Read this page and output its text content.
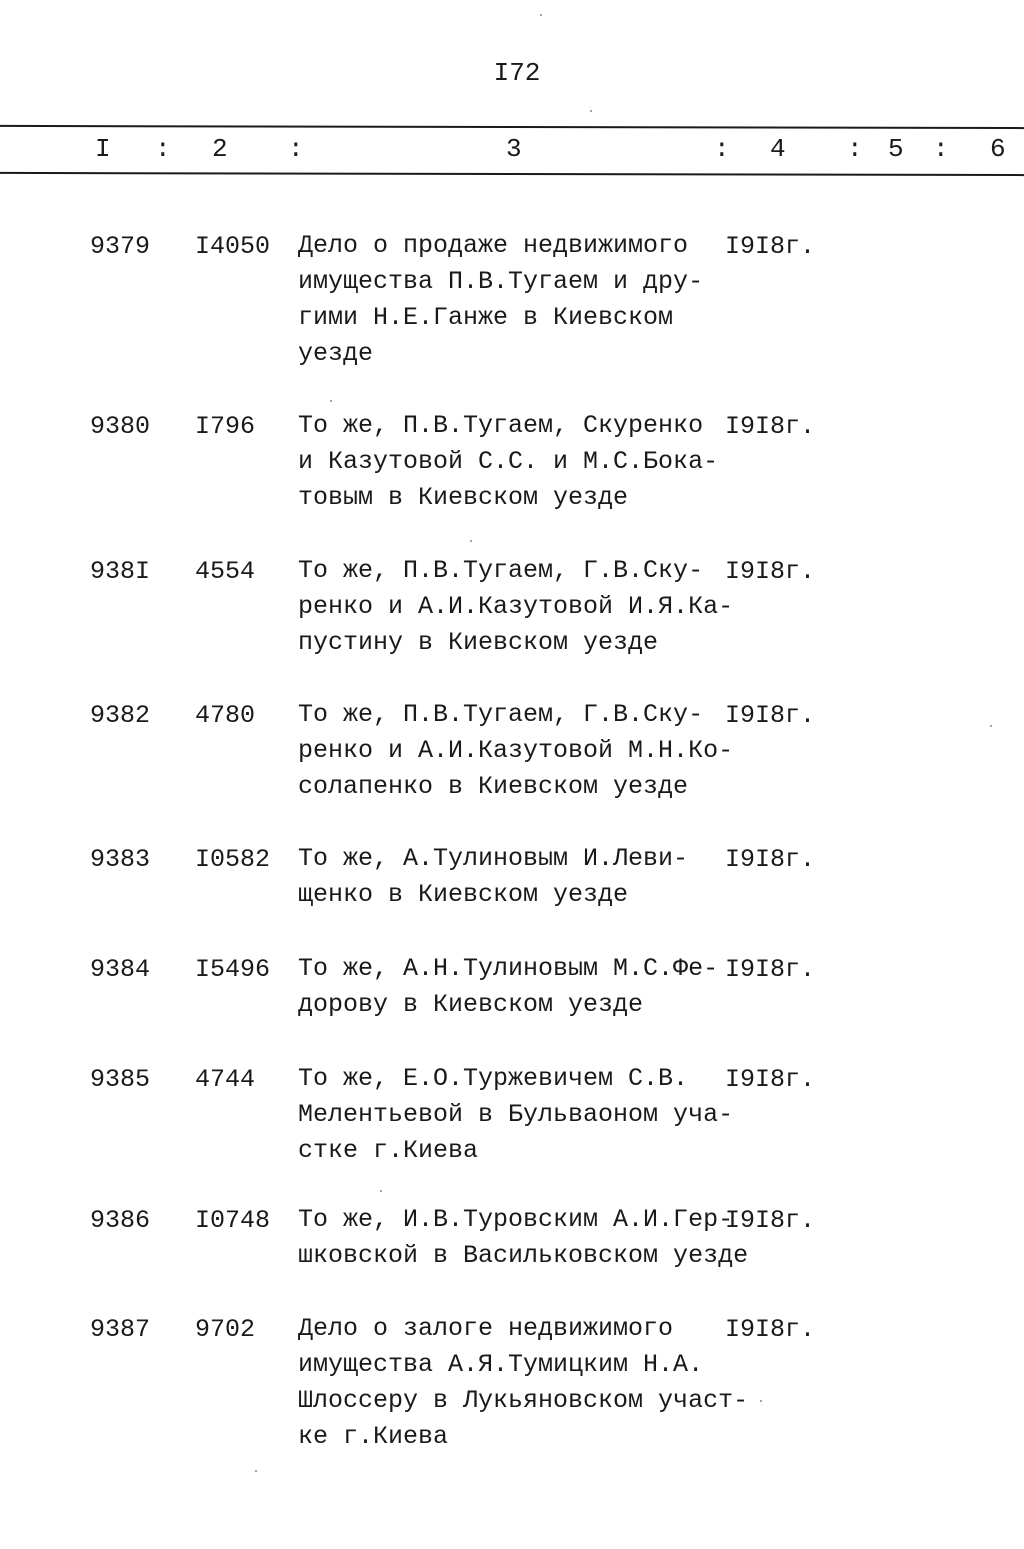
I72
I : 2 :	3	: 4 : 5 : 6
9379 I4050 Дело о продаже недвижимого
имущества П.В.Тугаем и дру-
гими Н.Е.Ганже в Киевском
уезде
I9I8г.
9380 I796 То же, П.В.Тугаем, Скуренко
и Казутовой С.С. и М.С.Бока-
товым в Киевском уезде
I9I8г.
938I 4554 То же, П.В.Тугаем, Г.В.Ску-
ренко и А.И.Казутовой И.Я.Ка-
пустину в Киевском уезде
I9I8г.
9382 4780 То же, П.В.Тугаем, Г.В.Ску-
ренко и А.И.Казутовой М.Н.Ко-
солапенко в Киевском уезде
I9I8г.
9383 I0582 То же, А.Тулиновым И.Леви-
щенко в Киевском уезде
I9I8г.
9384 I5496 То же, А.Н.Тулиновым М.С.Фе-
дорову в Киевском уезде
I9I8г.
9385 4744 То же, Е.О.Туржевичем С.В.
Мелентьевой в Бульваоном уча-
стке г.Киева
I9I8г.
9386 I0748 То же, И.В.Туровским А.И.Гер-
шковской в Васильковском уезде
I9I8г.
9387 9702 Дело о залоге недвижимого
имущества А.Я.Тумицким Н.А.
Шлоссеру в Лукьяновском участ-
ке г.Киева
I9I8г.
